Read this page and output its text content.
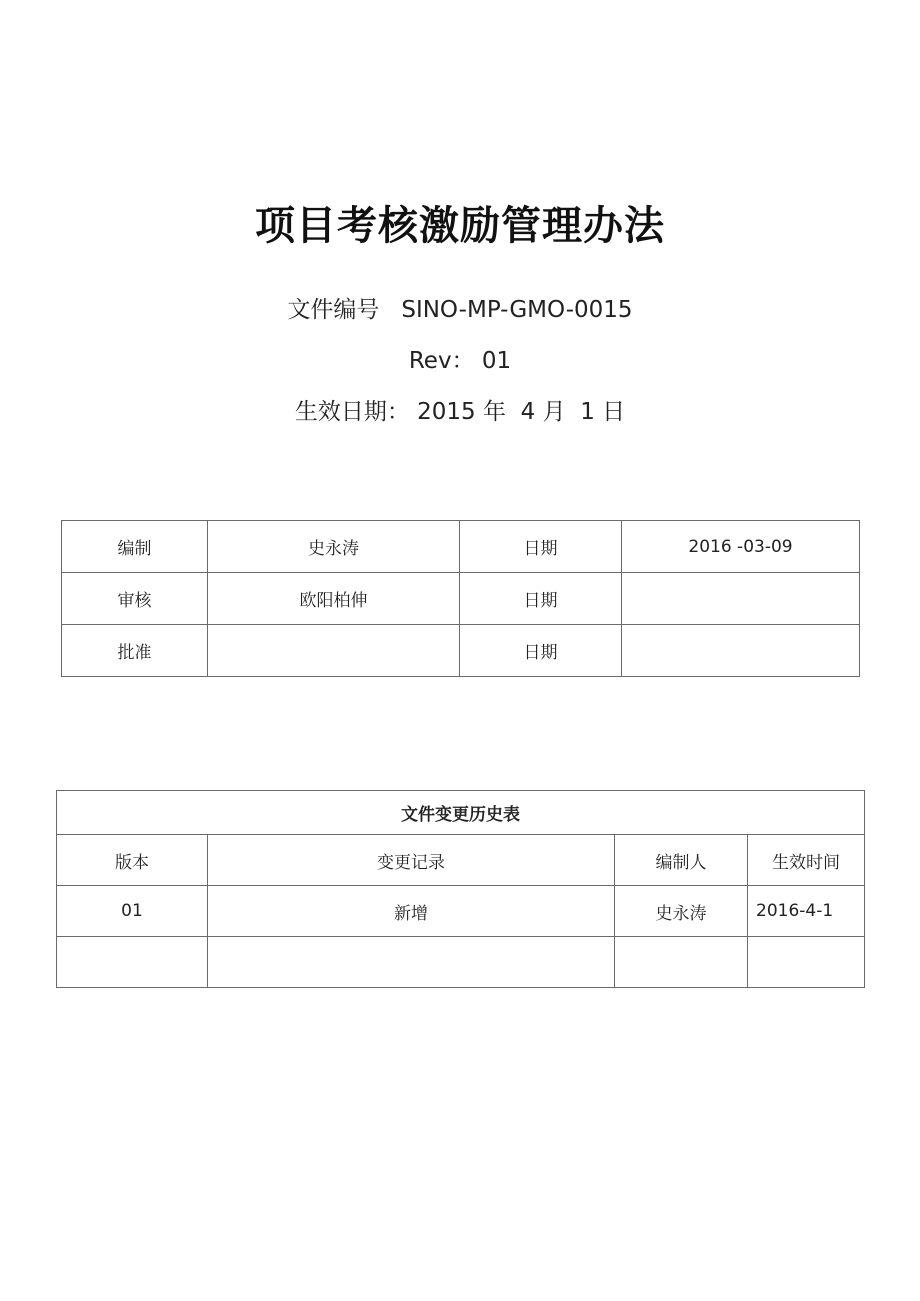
项目考核激励管理办法
文件编号 SINO-MP-GMO-0015
Rev： 01
生效日期： 2015 年  4 月  1 日
编制	史永涛	日期	2016 -03-09
审核	欧阳柏伸	日期	
批准		日期	
文件变更历史表			
版本	变更记录	编制人	生效时间
01	新增	史永涛	2016-4-1
